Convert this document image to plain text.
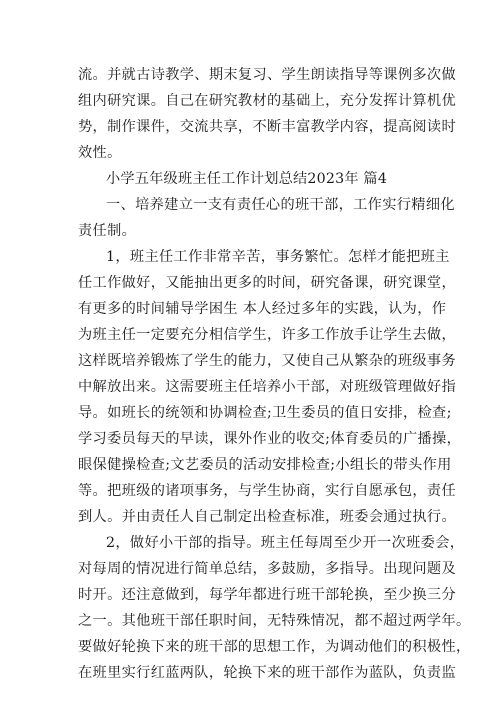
流。并就古诗教学、期末复习、学生朗读指导等课例多次做
组内研究课。自己在研究教材的基础上，充分发挥计算机优
势，制作课件，交流共享，不断丰富教学内容，提高阅读时
效性。
小学五年级班主任工作计划总结2023年 篇4
一、培养建立一支有责任心的班干部，工作实行精细化
责任制。
1，班主任工作非常辛苦，事务繁忙。怎样才能把班主
任工作做好，又能抽出更多的时间，研究备课，研究课堂，
有更多的时间辅导学困生 本人经过多年的实践，认为，作
为班主任一定要充分相信学生，许多工作放手让学生去做，
这样既培养锻炼了学生的能力，又使自己从繁杂的班级事务
中解放出来。这需要班主任培养小干部，对班级管理做好指
导。如班长的统领和协调检查;卫生委员的值日安排，检查;
学习委员每天的早读，课外作业的收交;体育委员的广播操，
眼保健操检查;文艺委员的活动安排检查;小组长的带头作用
等。把班级的诸项事务，与学生协商，实行自愿承包，责任
到人。并由责任人自己制定出检查标准，班委会通过执行。
2，做好小干部的指导。班主任每周至少开一次班委会，
对每周的情况进行简单总结，多鼓励，多指导。出现问题及
时开。还注意做到，每学年都进行班干部轮换，至少换三分
之一。其他班干部任职时间，无特殊情况，都不超过两学年。
要做好轮换下来的班干部的思想工作，为调动他们的积极性，
在班里实行红蓝两队，轮换下来的班干部作为蓝队，负责监
